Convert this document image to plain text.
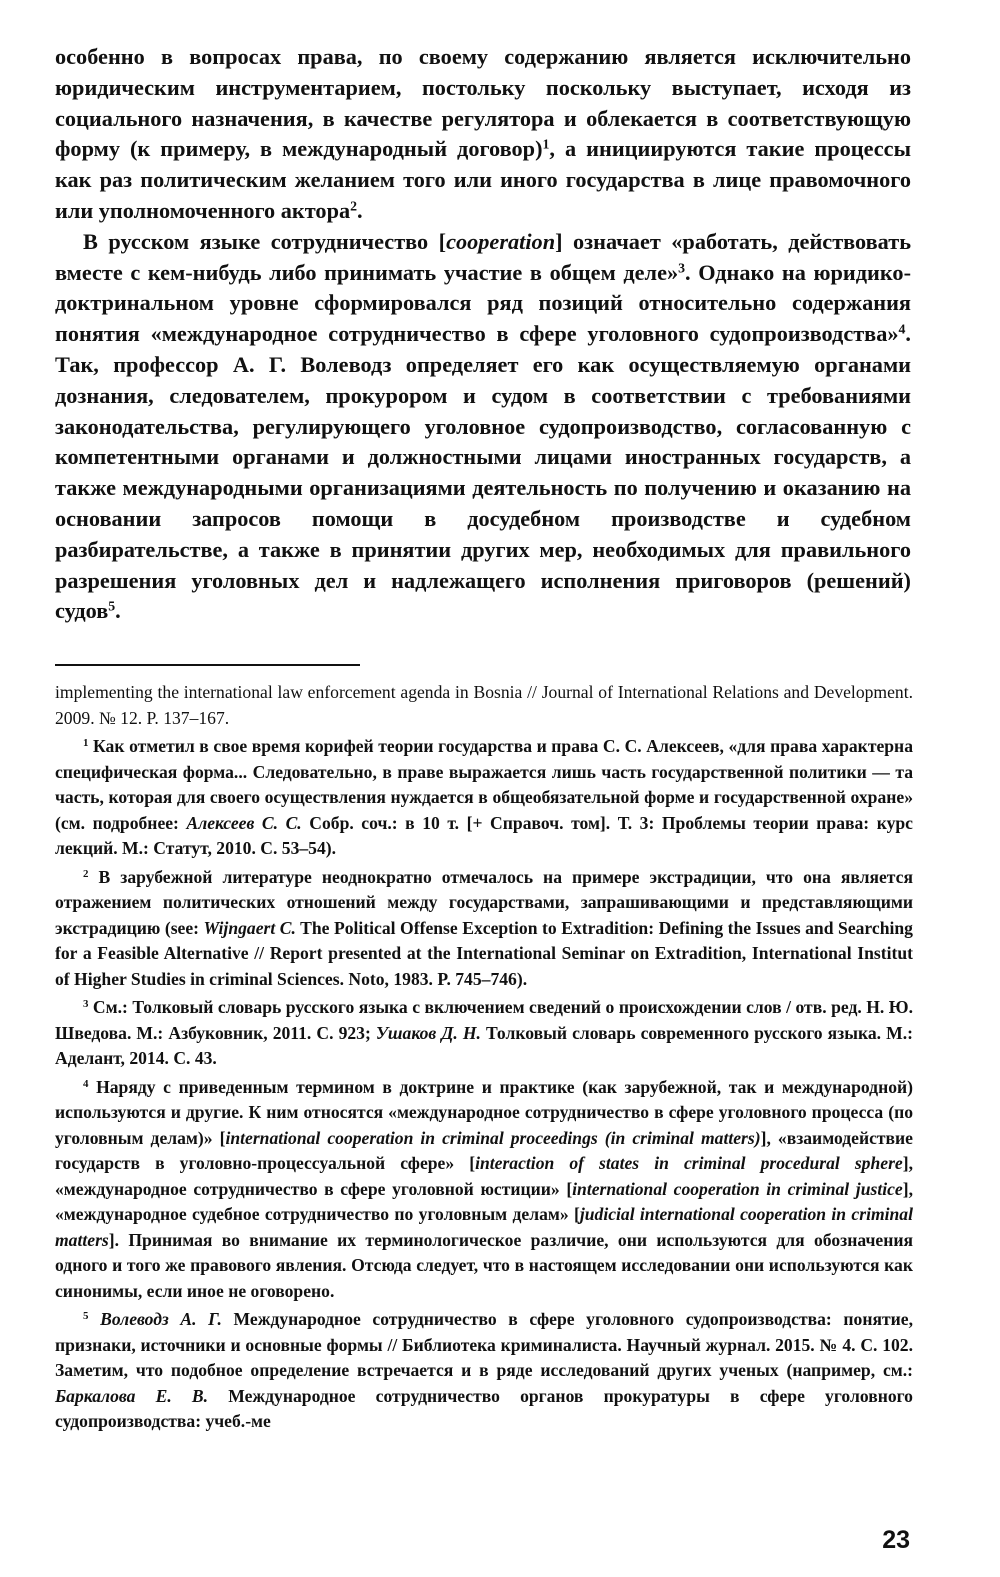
особенно в вопросах права, по своему содержанию является исключительно юридическим инструментарием, постольку поскольку выступает, исходя из социального назначения, в качестве регулятора и облекается в соответствующую форму (к примеру, в международный договор)$^1$, а инициируются такие процессы как раз политическим желанием того или иного государства в лице правомочного или уполномоченного актора$^2$.

В русском языке сотрудничество [cooperation] означает «работать, действовать вместе с кем-нибудь либо принимать участие в общем деле»$^3$. Однако на юридико-доктринальном уровне сформировался ряд позиций относительно содержания понятия «международное сотрудничество в сфере уголовного судопроизводства»$^4$. Так, профессор А. Г. Волеводз определяет его как осуществляемую органами дознания, следователем, прокурором и судом в соответствии с требованиями законодательства, регулирующего уголовное судопроизводство, согласованную с компетентными органами и должностными лицами иностранных государств, а также международными организациями деятельность по получению и оказанию на основании запросов помощи в досудебном производстве и судебном разбирательстве, а также в принятии других мер, необходимых для правильного разрешения уголовных дел и надлежащего исполнения приговоров (решений) судов$^5$.

implementing the international law enforcement agenda in Bosnia // Journal of International Relations and Development. 2009. № 12. P. 137–167.

$^1$ Как отметил в свое время корифей теории государства и права С. С. Алексеев, «для права характерна специфическая форма... Следовательно, в праве выражается лишь часть государственной политики — та часть, которая для своего осуществления нуждается в общеобязательной форме и государственной охране» (см. подробнее: Алексеев С. С. Собр. соч.: в 10 т. [+ Справоч. том]. Т. 3: Проблемы теории права: курс лекций. М.: Статут, 2010. С. 53–54).

$^2$ В зарубежной литературе неоднократно отмечалось на примере экстрадиции, что она является отражением политических отношений между государствами, запрашивающими и представляющими экстрадицию (see: Wijngaert C. The Political Offense Exception to Extradition: Defining the Issues and Searching for a Feasible Alternative // Report presented at the International Seminar on Extradition, International Institut of Higher Studies in criminal Sciences. Noto, 1983. P. 745–746).

$^3$ См.: Толковый словарь русского языка с включением сведений о происхождении слов / отв. ред. Н. Ю. Шведова. М.: Азбуковник, 2011. С. 923; Ушаков Д. Н. Толковый словарь современного русского языка. М.: Аделант, 2014. С. 43.

$^4$ Наряду с приведенным термином в доктрине и практике (как зарубежной, так и международной) используются и другие. К ним относятся «международное сотрудничество в сфере уголовного процесса (по уголовным делам)» [international cooperation in criminal proceedings (in criminal matters)], «взаимодействие государств в уголовно-процессуальной сфере» [interaction of states in criminal procedural sphere], «международное сотрудничество в сфере уголовной юстиции» [international cooperation in criminal justice], «международное судебное сотрудничество по уголовным делам» [judicial international cooperation in criminal matters]. Принимая во внимание их терминологическое различие, они используются для обозначения одного и того же правового явления. Отсюда следует, что в настоящем исследовании они используются как синонимы, если иное не оговорено.

$^5$ Волеводз А. Г. Международное сотрудничество в сфере уголовного судопроизводства: понятие, признаки, источники и основные формы // Библиотека криминалиста. Научный журнал. 2015. № 4. С. 102. Заметим, что подобное определение встречается и в ряде исследований других ученых (например, см.: Баркалова Е. В. Международное сотрудничество органов прокуратуры в сфере уголовного судопроизводства: учеб.-ме

23
